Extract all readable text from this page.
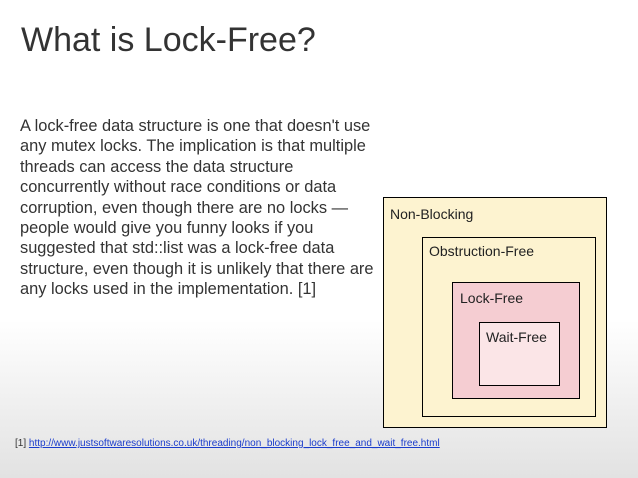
What is Lock-Free?

A lock-free data structure is one that doesn't use any mutex locks. The implication is that multiple threads can access the data structure concurrently without race conditions or data corruption, even though there are no locks — people would give you funny looks if you suggested that std::list was a lock-free data structure, even though it is unlikely that there are any locks used in the implementation. [1]

Non-Blocking
Obstruction-Free
Lock-Free
Wait-Free
[1] http://www.justsoftwaresolutions.co.uk/threading/non_blocking_lock_free_and_wait_free.html
